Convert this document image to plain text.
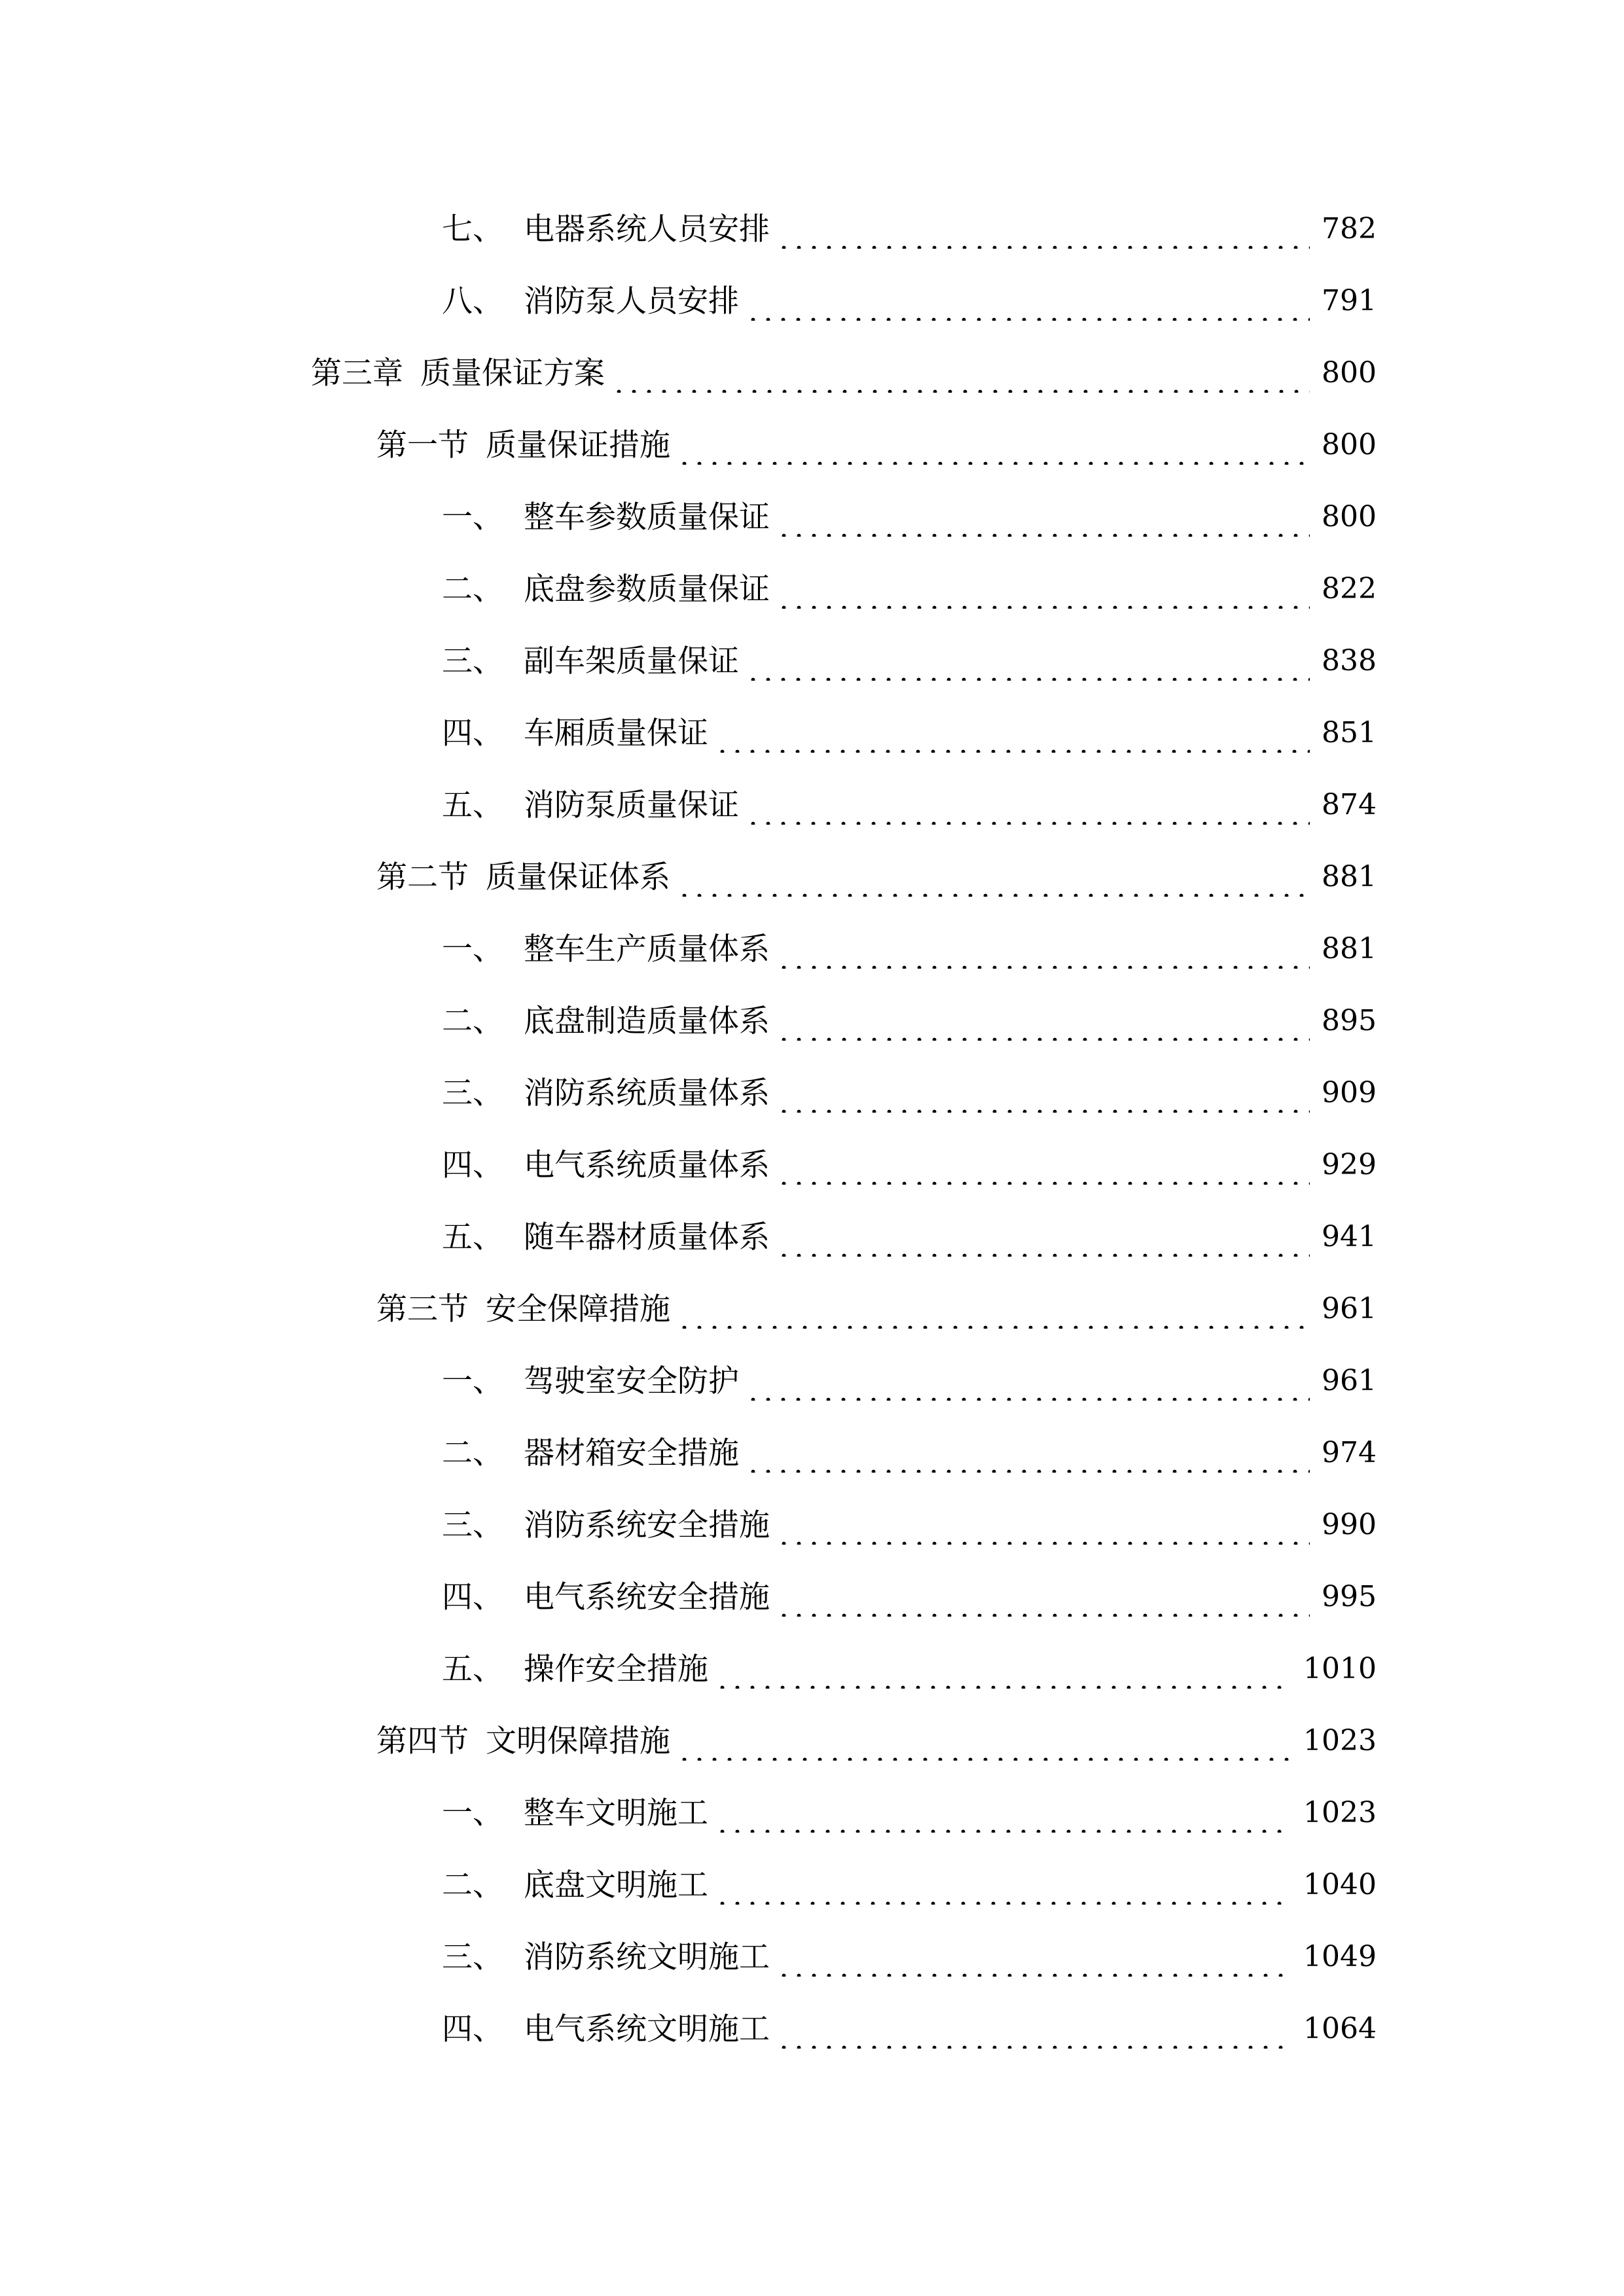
七、 电器系统人员安排	782
八、 消防泵人员安排	791
第三章 质量保证方案	800
第一节 质量保证措施	800
一、 整车参数质量保证	800
二、 底盘参数质量保证	822
三、 副车架质量保证	838
四、 车厢质量保证	851
五、 消防泵质量保证	874
第二节 质量保证体系	881
一、 整车生产质量体系	881
二、 底盘制造质量体系	895
三、 消防系统质量体系	909
四、 电气系统质量体系	929
五、 随车器材质量体系	941
第三节 安全保障措施	961
一、 驾驶室安全防护	961
二、 器材箱安全措施	974
三、 消防系统安全措施	990
四、 电气系统安全措施	995
五、 操作安全措施	1010
第四节 文明保障措施	1023
一、 整车文明施工	1023
二、 底盘文明施工	1040
三、 消防系统文明施工	1049
四、 电气系统文明施工	1064
